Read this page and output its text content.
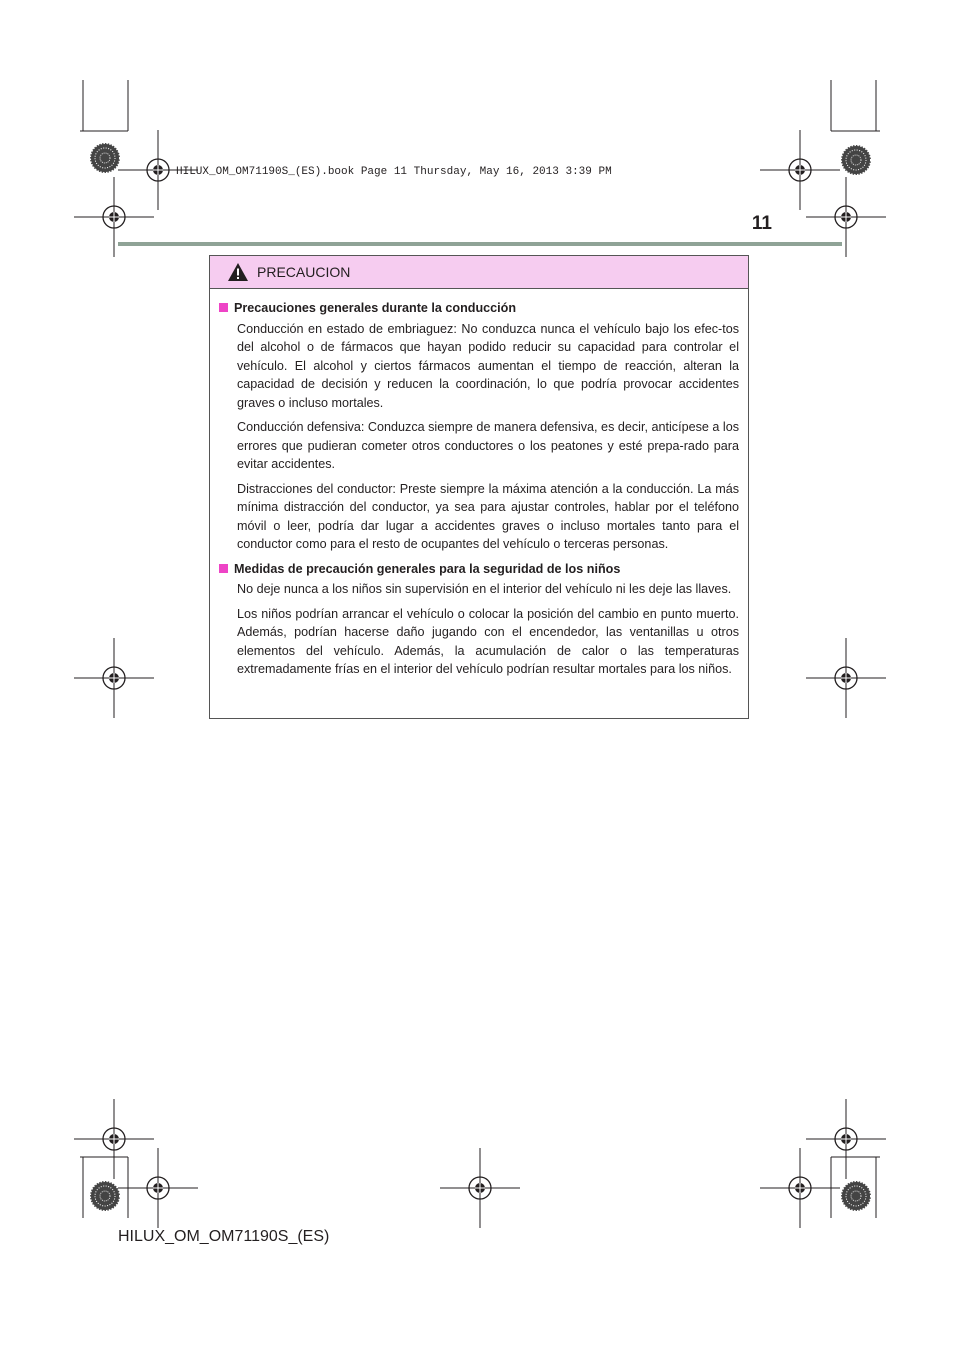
HILUX_OM_OM71190S_(ES).book Page 11 Thursday, May 16, 2013 3:39 PM
11
PRECAUCION
Precauciones generales durante la conducción

Conducción en estado de embriaguez: No conduzca nunca el vehículo bajo los efec-tos del alcohol o de fármacos que hayan podido reducir su capacidad para controlar el vehículo. El alcohol y ciertos fármacos aumentan el tiempo de reacción, alteran la capacidad de decisión y reducen la coordinación, lo que podría provocar accidentes graves o incluso mortales.

Conducción defensiva: Conduzca siempre de manera defensiva, es decir, anticípese a los errores que pudieran cometer otros conductores o los peatones y esté prepa-rado para evitar accidentes.

Distracciones del conductor: Preste siempre la máxima atención a la conducción. La más mínima distracción del conductor, ya sea para ajustar controles, hablar por el teléfono móvil o leer, podría dar lugar a accidentes graves o incluso mortales tanto para el conductor como para el resto de ocupantes del vehículo o terceras personas.

Medidas de precaución generales para la seguridad de los niños

No deje nunca a los niños sin supervisión en el interior del vehículo ni les deje las llaves.

Los niños podrían arrancar el vehículo o colocar la posición del cambio en punto muerto. Además, podrían hacerse daño jugando con el encendedor, las ventanillas u otros elementos del vehículo. Además, la acumulación de calor o las temperaturas extremadamente frías en el interior del vehículo podrían resultar mortales para los niños.

HILUX_OM_OM71190S_(ES)
